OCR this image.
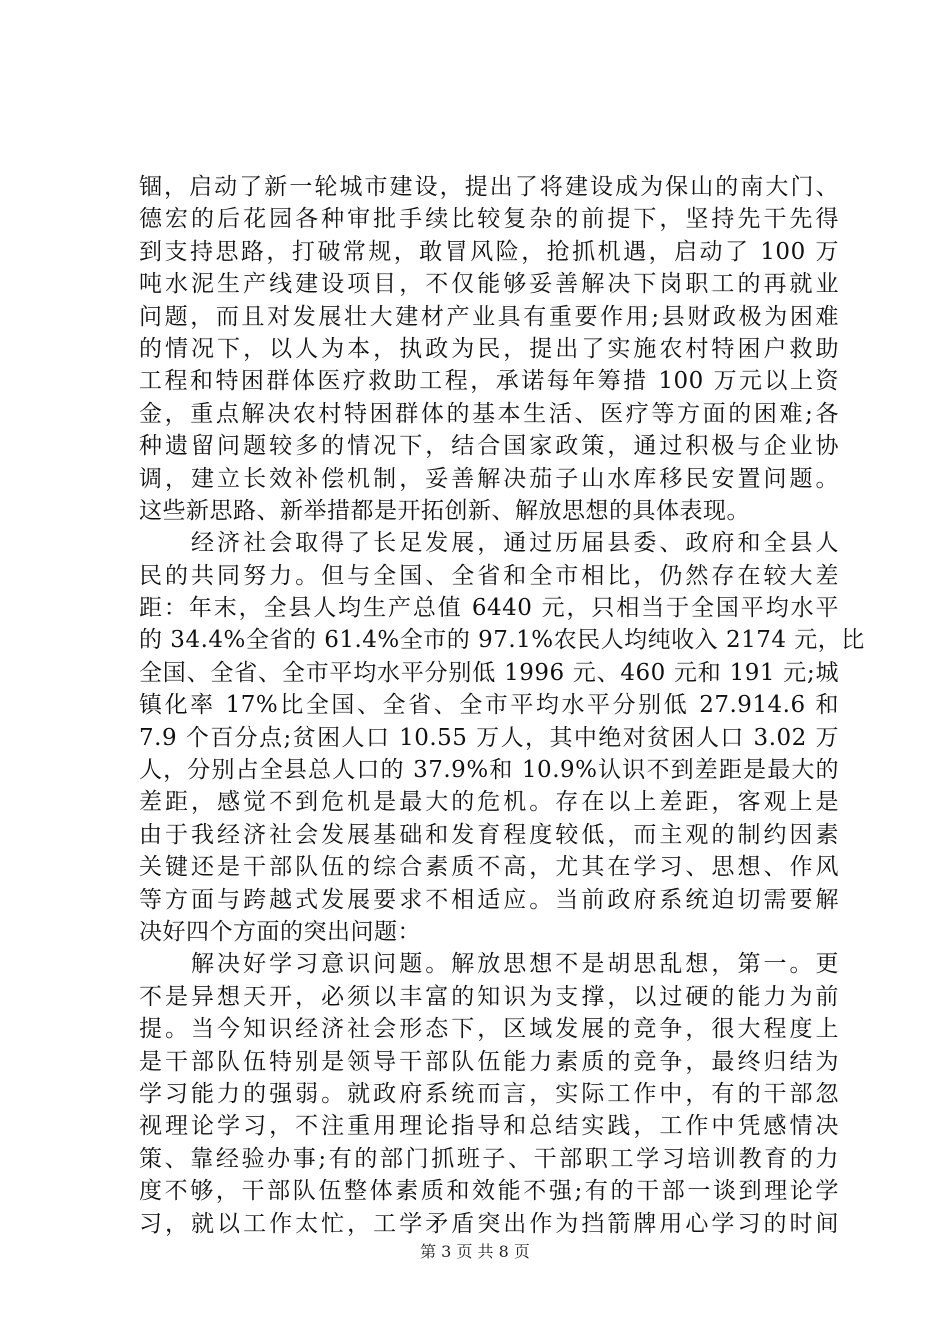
锢，启动了新一轮城市建设，提出了将建设成为保山的南大门、
德宏的后花园各种审批手续比较复杂的前提下，坚持先干先得
到支持思路，打破常规，敢冒风险，抢抓机遇，启动了 100 万
吨水泥生产线建设项目，不仅能够妥善解决下岗职工的再就业
问题，而且对发展壮大建材产业具有重要作用;县财政极为困难
的情况下，以人为本，执政为民，提出了实施农村特困户救助
工程和特困群体医疗救助工程，承诺每年筹措 100 万元以上资
金，重点解决农村特困群体的基本生活、医疗等方面的困难;各
种遗留问题较多的情况下，结合国家政策，通过积极与企业协
调，建立长效补偿机制，妥善解决茄子山水库移民安置问题。
这些新思路、新举措都是开拓创新、解放思想的具体表现。
　　经济社会取得了长足发展，通过历届县委、政府和全县人
民的共同努力。但与全国、全省和全市相比，仍然存在较大差
距：年末，全县人均生产总值 6440 元，只相当于全国平均水平
的 34.4%全省的 61.4%全市的 97.1%农民人均纯收入 2174 元，比
全国、全省、全市平均水平分别低 1996 元、460 元和 191 元;城
镇化率 17%比全国、全省、全市平均水平分别低 27.914.6 和
7.9 个百分点;贫困人口 10.55 万人，其中绝对贫困人口 3.02 万
人，分别占全县总人口的 37.9%和 10.9%认识不到差距是最大的
差距，感觉不到危机是最大的危机。存在以上差距，客观上是
由于我经济社会发展基础和发育程度较低，而主观的制约因素
关键还是干部队伍的综合素质不高，尤其在学习、思想、作风
等方面与跨越式发展要求不相适应。当前政府系统迫切需要解
决好四个方面的突出问题：
　　解决好学习意识问题。解放思想不是胡思乱想，第一。更
不是异想天开，必须以丰富的知识为支撑，以过硬的能力为前
提。当今知识经济社会形态下，区域发展的竞争，很大程度上
是干部队伍特别是领导干部队伍能力素质的竞争，最终归结为
学习能力的强弱。就政府系统而言，实际工作中，有的干部忽
视理论学习，不注重用理论指导和总结实践，工作中凭感情决
策、靠经验办事;有的部门抓班子、干部职工学习培训教育的力
度不够，干部队伍整体素质和效能不强;有的干部一谈到理论学
习，就以工作太忙，工学矛盾突出作为挡箭牌用心学习的时间
第 3 页 共 8 页
